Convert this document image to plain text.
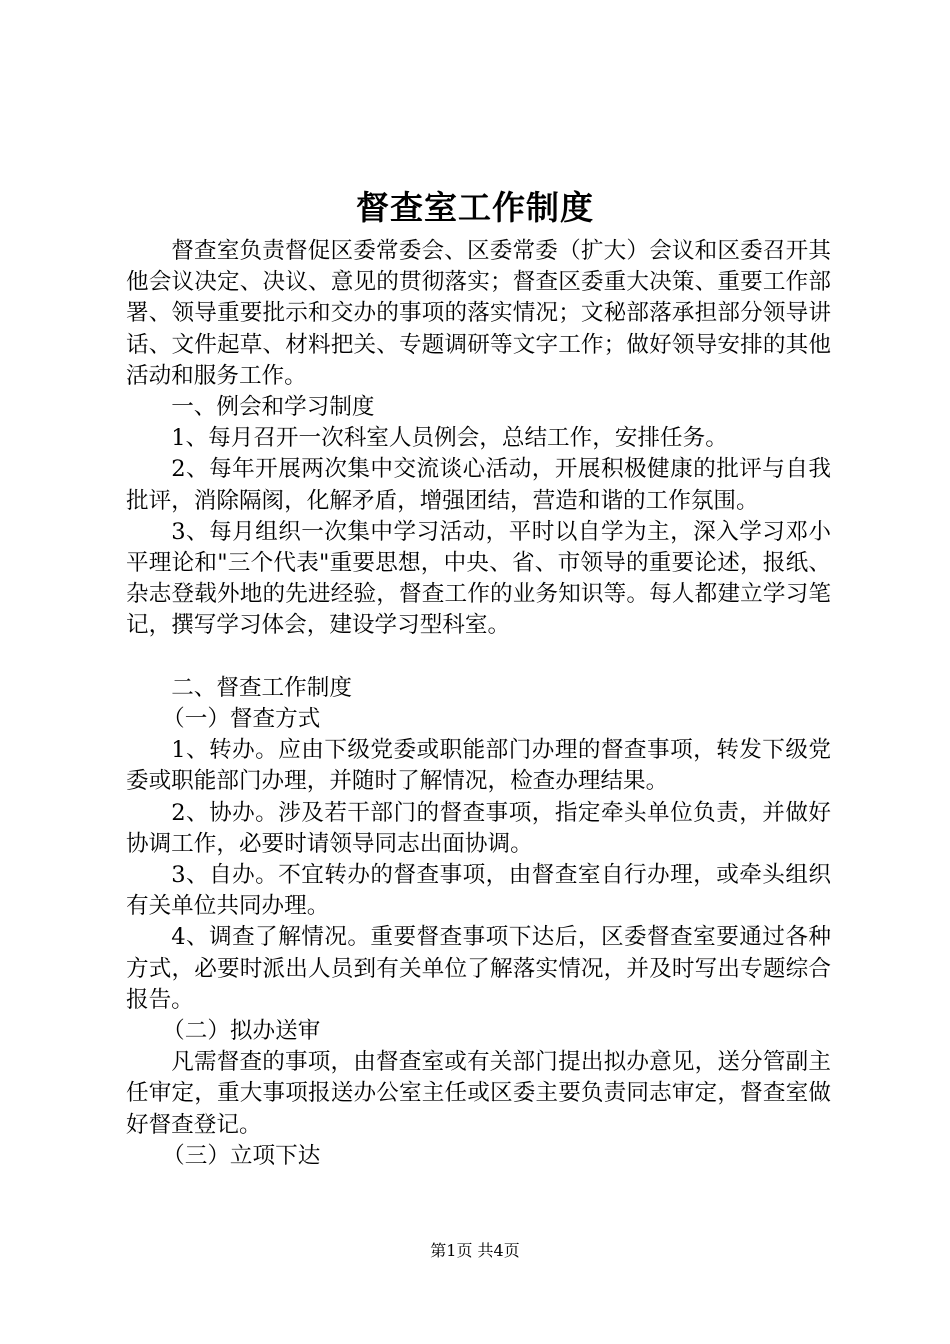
督查室工作制度

督查室负责督促区委常委会、区委常委（扩大）会议和区委召开其他会议决定、决议、意见的贯彻落实；督查区委重大决策、重要工作部署、领导重要批示和交办的事项的落实情况；文秘部落承担部分领导讲话、文件起草、材料把关、专题调研等文字工作；做好领导安排的其他活动和服务工作。

一、例会和学习制度

1、每月召开一次科室人员例会，总结工作，安排任务。

2、每年开展两次集中交流谈心活动，开展积极健康的批评与自我批评，消除隔阂，化解矛盾，增强团结，营造和谐的工作氛围。

3、每月组织一次集中学习活动，平时以自学为主，深入学习邓小平理论和"三个代表"重要思想，中央、省、市领导的重要论述，报纸、杂志登载外地的先进经验，督查工作的业务知识等。每人都建立学习笔记，撰写学习体会，建设学习型科室。

二、督查工作制度

（一）督查方式

1、转办。应由下级党委或职能部门办理的督查事项，转发下级党委或职能部门办理，并随时了解情况，检查办理结果。

2、协办。涉及若干部门的督查事项，指定牵头单位负责，并做好协调工作，必要时请领导同志出面协调。

3、自办。不宜转办的督查事项，由督查室自行办理，或牵头组织有关单位共同办理。

4、调查了解情况。重要督查事项下达后，区委督查室要通过各种方式，必要时派出人员到有关单位了解落实情况，并及时写出专题综合报告。

（二）拟办送审

凡需督查的事项，由督查室或有关部门提出拟办意见，送分管副主任审定，重大事项报送办公室主任或区委主要负责同志审定，督查室做好督查登记。

（三）立项下达

第1页 共4页
